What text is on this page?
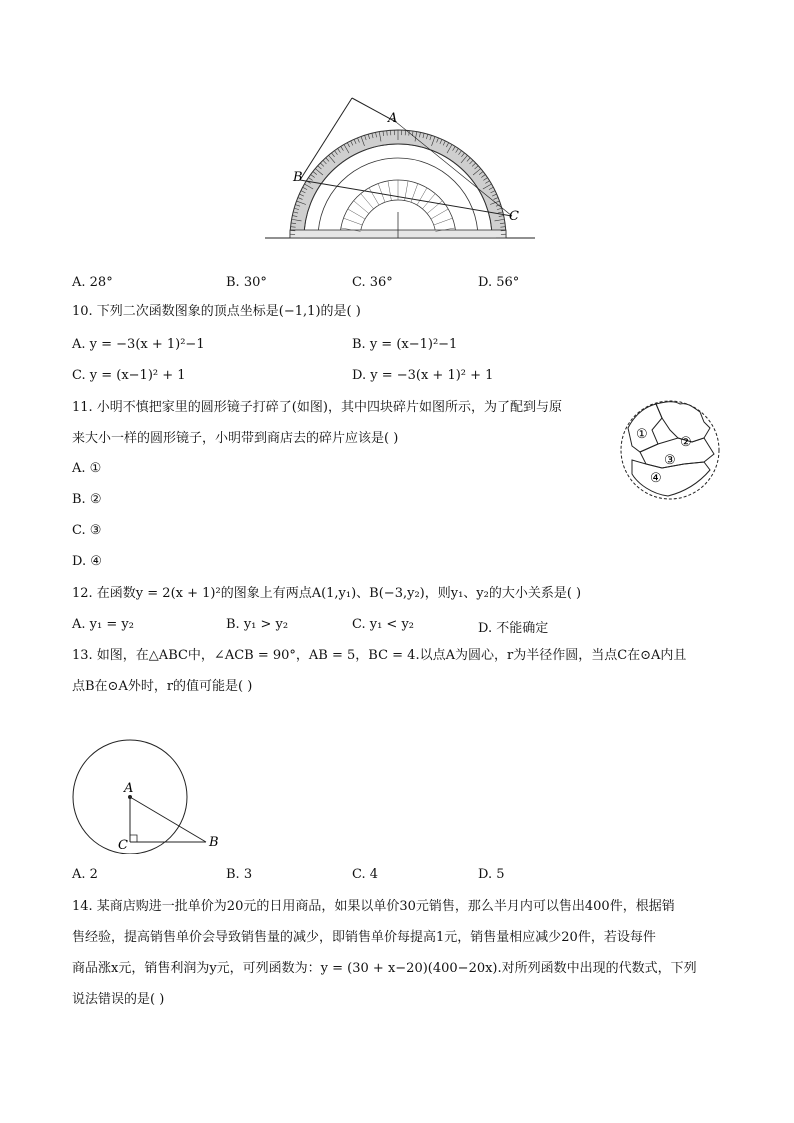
A
B
C
A. 28°	B. 30°	C. 36°	D. 56°
10. 下列二次函数图象的顶点坐标是(−1,1)的是( )
A. y = −3(x + 1)²−1	B. y = (x−1)²−1
C. y = (x−1)² + 1	D. y = −3(x + 1)² + 1
11. 小明不慎把家里的圆形镜子打碎了(如图)，其中四块碎片如图所示，为了配到与原
来大小一样的圆形镜子，小明带到商店去的碎片应该是( )
A. ①
B. ②
C. ③
D. ④
①
②
③
④
12. 在函数y = 2(x + 1)²的图象上有两点A(1,y₁)、B(−3,y₂)，则y₁、y₂的大小关系是( )
A. y₁ = y₂	B. y₁ > y₂	C. y₁ < y₂	D. 不能确定
13. 如图，在△ABC中，∠ACB = 90°，AB = 5，BC = 4.以点A为圆心，r为半径作圆，当点C在⊙A内且
点B在⊙A外时，r的值可能是( )
A
C	B
A. 2	B. 3	C. 4	D. 5
14. 某商店购进一批单价为20元的日用商品，如果以单价30元销售，那么半月内可以售出400件，根据销
售经验，提高销售单价会导致销售量的减少，即销售单价每提高1元，销售量相应减少20件，若设每件
商品涨x元，销售利润为y元，可列函数为：y = (30 + x−20)(400−20x).对所列函数中出现的代数式，下列
说法错误的是( )
